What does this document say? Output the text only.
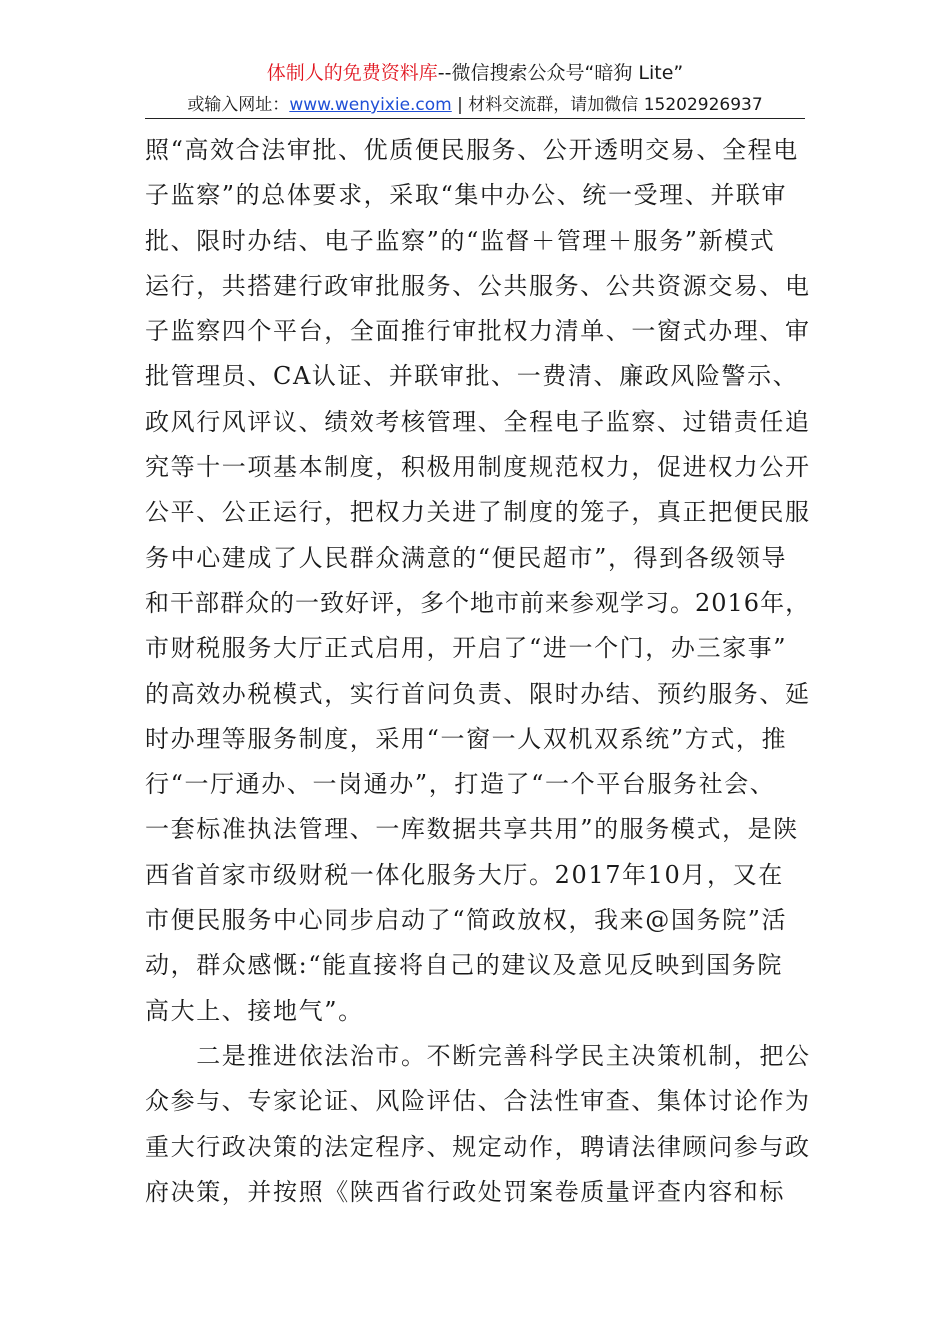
体制人的免费资料库--微信搜索公众号“暗狗 Lite”
或输入网址：www.wenyixie.com | 材料交流群，请加微信 15202926937
照“高效合法审批、优质便民服务、公开透明交易、全程电
子监察”的总体要求，采取“集中办公、统一受理、并联审
批、限时办结、电子监察”的“监督＋管理＋服务”新模式
运行，共搭建行政审批服务、公共服务、公共资源交易、电
子监察四个平台，全面推行审批权力清单、一窗式办理、审
批管理员、CA认证、并联审批、一费清、廉政风险警示、
政风行风评议、绩效考核管理、全程电子监察、过错责任追
究等十一项基本制度，积极用制度规范权力，促进权力公开
公平、公正运行，把权力关进了制度的笼子，真正把便民服
务中心建成了人民群众满意的“便民超市”，得到各级领导
和干部群众的一致好评，多个地市前来参观学习。2016年，
市财税服务大厅正式启用，开启了“进一个门，办三家事”
的高效办税模式，实行首问负责、限时办结、预约服务、延
时办理等服务制度，采用“一窗一人双机双系统”方式，推
行“一厅通办、一岗通办”，打造了“一个平台服务社会、
一套标准执法管理、一库数据共享共用”的服务模式，是陕
西省首家市级财税一体化服务大厅。2017年10月，又在
市便民服务中心同步启动了“简政放权，我来@国务院”活
动，群众感慨:“能直接将自己的建议及意见反映到国务院
高大上、接地气”。
　　二是推进依法治市。不断完善科学民主决策机制，把公
众参与、专家论证、风险评估、合法性审查、集体讨论作为
重大行政决策的法定程序、规定动作，聘请法律顾问参与政
府决策，并按照《陕西省行政处罚案卷质量评查内容和标
